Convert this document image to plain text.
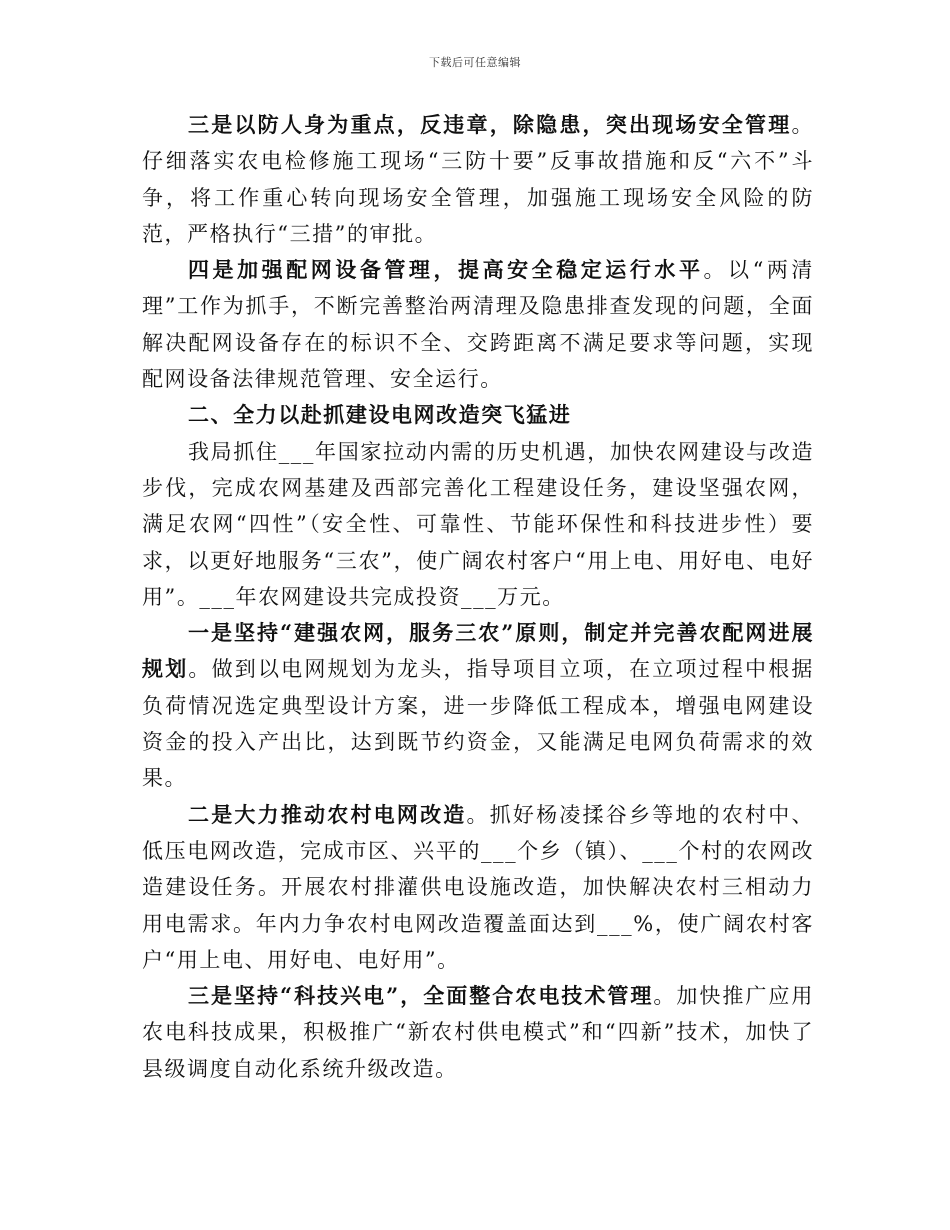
下载后可任意编辑

三是以防人身为重点，反违章，除隐患，突出现场安全管理。仔细落实农电检修施工现场“三防十要”反事故措施和反“六不”斗争，将工作重心转向现场安全管理，加强施工现场安全风险的防范，严格执行“三措”的审批。

四是加强配网设备管理，提高安全稳定运行水平。以“两清理”工作为抓手，不断完善整治两清理及隐患排查发现的问题，全面解决配网设备存在的标识不全、交跨距离不满足要求等问题，实现配网设备法律规范管理、安全运行。

二、全力以赴抓建设电网改造突飞猛进

我局抓住___年国家拉动内需的历史机遇，加快农网建设与改造步伐，完成农网基建及西部完善化工程建设任务，建设坚强农网，满足农网“四性”（安全性、可靠性、节能环保性和科技进步性）要求，以更好地服务“三农”，使广阔农村客户“用上电、用好电、电好用”。___年农网建设共完成投资___万元。

一是坚持“建强农网，服务三农”原则，制定并完善农配网进展规划。做到以电网规划为龙头，指导项目立项，在立项过程中根据负荷情况选定典型设计方案，进一步降低工程成本，增强电网建设资金的投入产出比，达到既节约资金，又能满足电网负荷需求的效果。

二是大力推动农村电网改造。抓好杨凌揉谷乡等地的农村中、低压电网改造，完成市区、兴平的___个乡（镇）、___个村的农网改造建设任务。开展农村排灌供电设施改造，加快解决农村三相动力用电需求。年内力争农村电网改造覆盖面达到___%，使广阔农村客户“用上电、用好电、电好用”。

三是坚持“科技兴电”，全面整合农电技术管理。加快推广应用农电科技成果，积极推广“新农村供电模式”和“四新”技术，加快了县级调度自动化系统升级改造。
